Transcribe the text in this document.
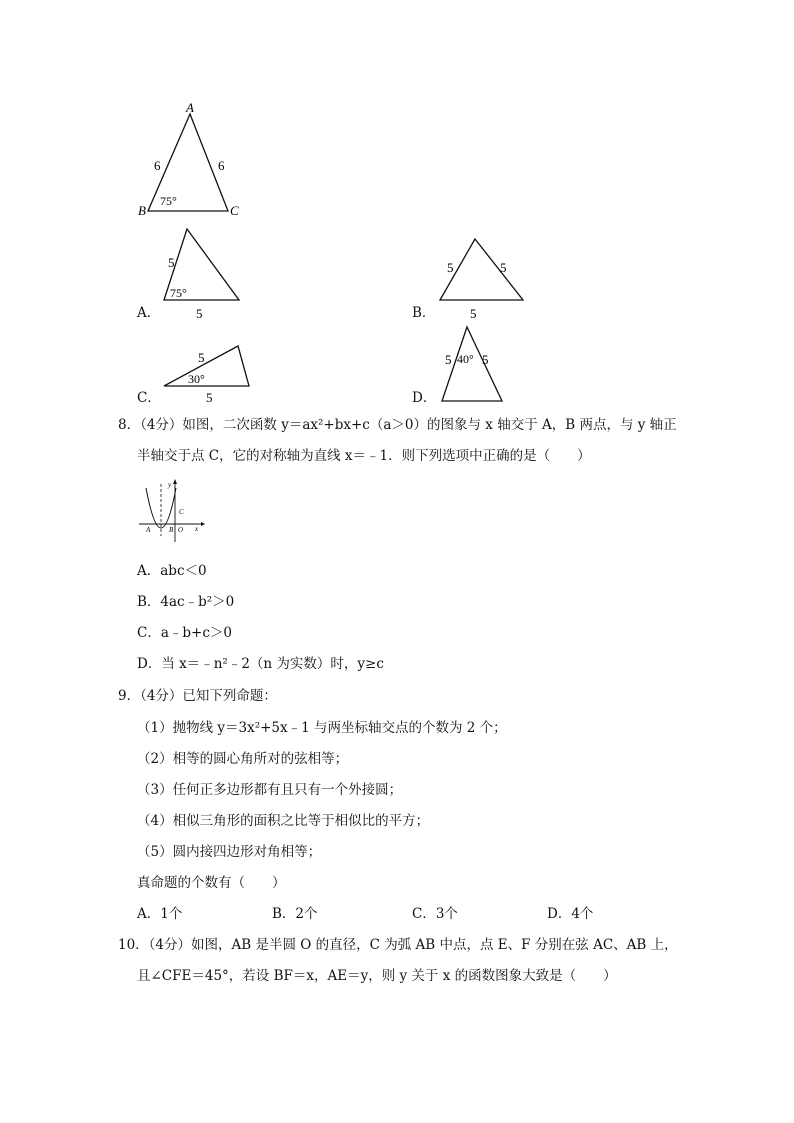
A
B	C
6	6
75°
A．
5
5
75°
B．
5	5
5
C．
5
5
30°
D．
5 5
40°
8．（4分）如图，二次函数 y＝ax²+bx+c（a＞0）的图象与 x 轴交于 A，B 两点，与 y 轴正
半轴交于点 C，它的对称轴为直线 x＝﹣1．则下列选项中正确的是（　　）
y
x
C
A	B O
A．abc＜0
B．4ac﹣b²＞0
C．a﹣b+c＞0
D．当 x＝﹣n²﹣2（n 为实数）时，y≥c
9．（4分）已知下列命题：
（1）抛物线 y＝3x²+5x﹣1 与两坐标轴交点的个数为 2 个；
（2）相等的圆心角所对的弦相等；
（3）任何正多边形都有且只有一个外接圆；
（4）相似三角形的面积之比等于相似比的平方；
（5）圆内接四边形对角相等；
真命题的个数有（　　）
A．1个	B．2个	C．3个	D．4个
10．（4分）如图，AB 是半圆 O 的直径，C 为弧 AB 中点，点 E、F 分别在弦 AC、AB 上，
且∠CFE＝45°，若设 BF＝x，AE＝y，则 y 关于 x 的函数图象大致是（　　）
